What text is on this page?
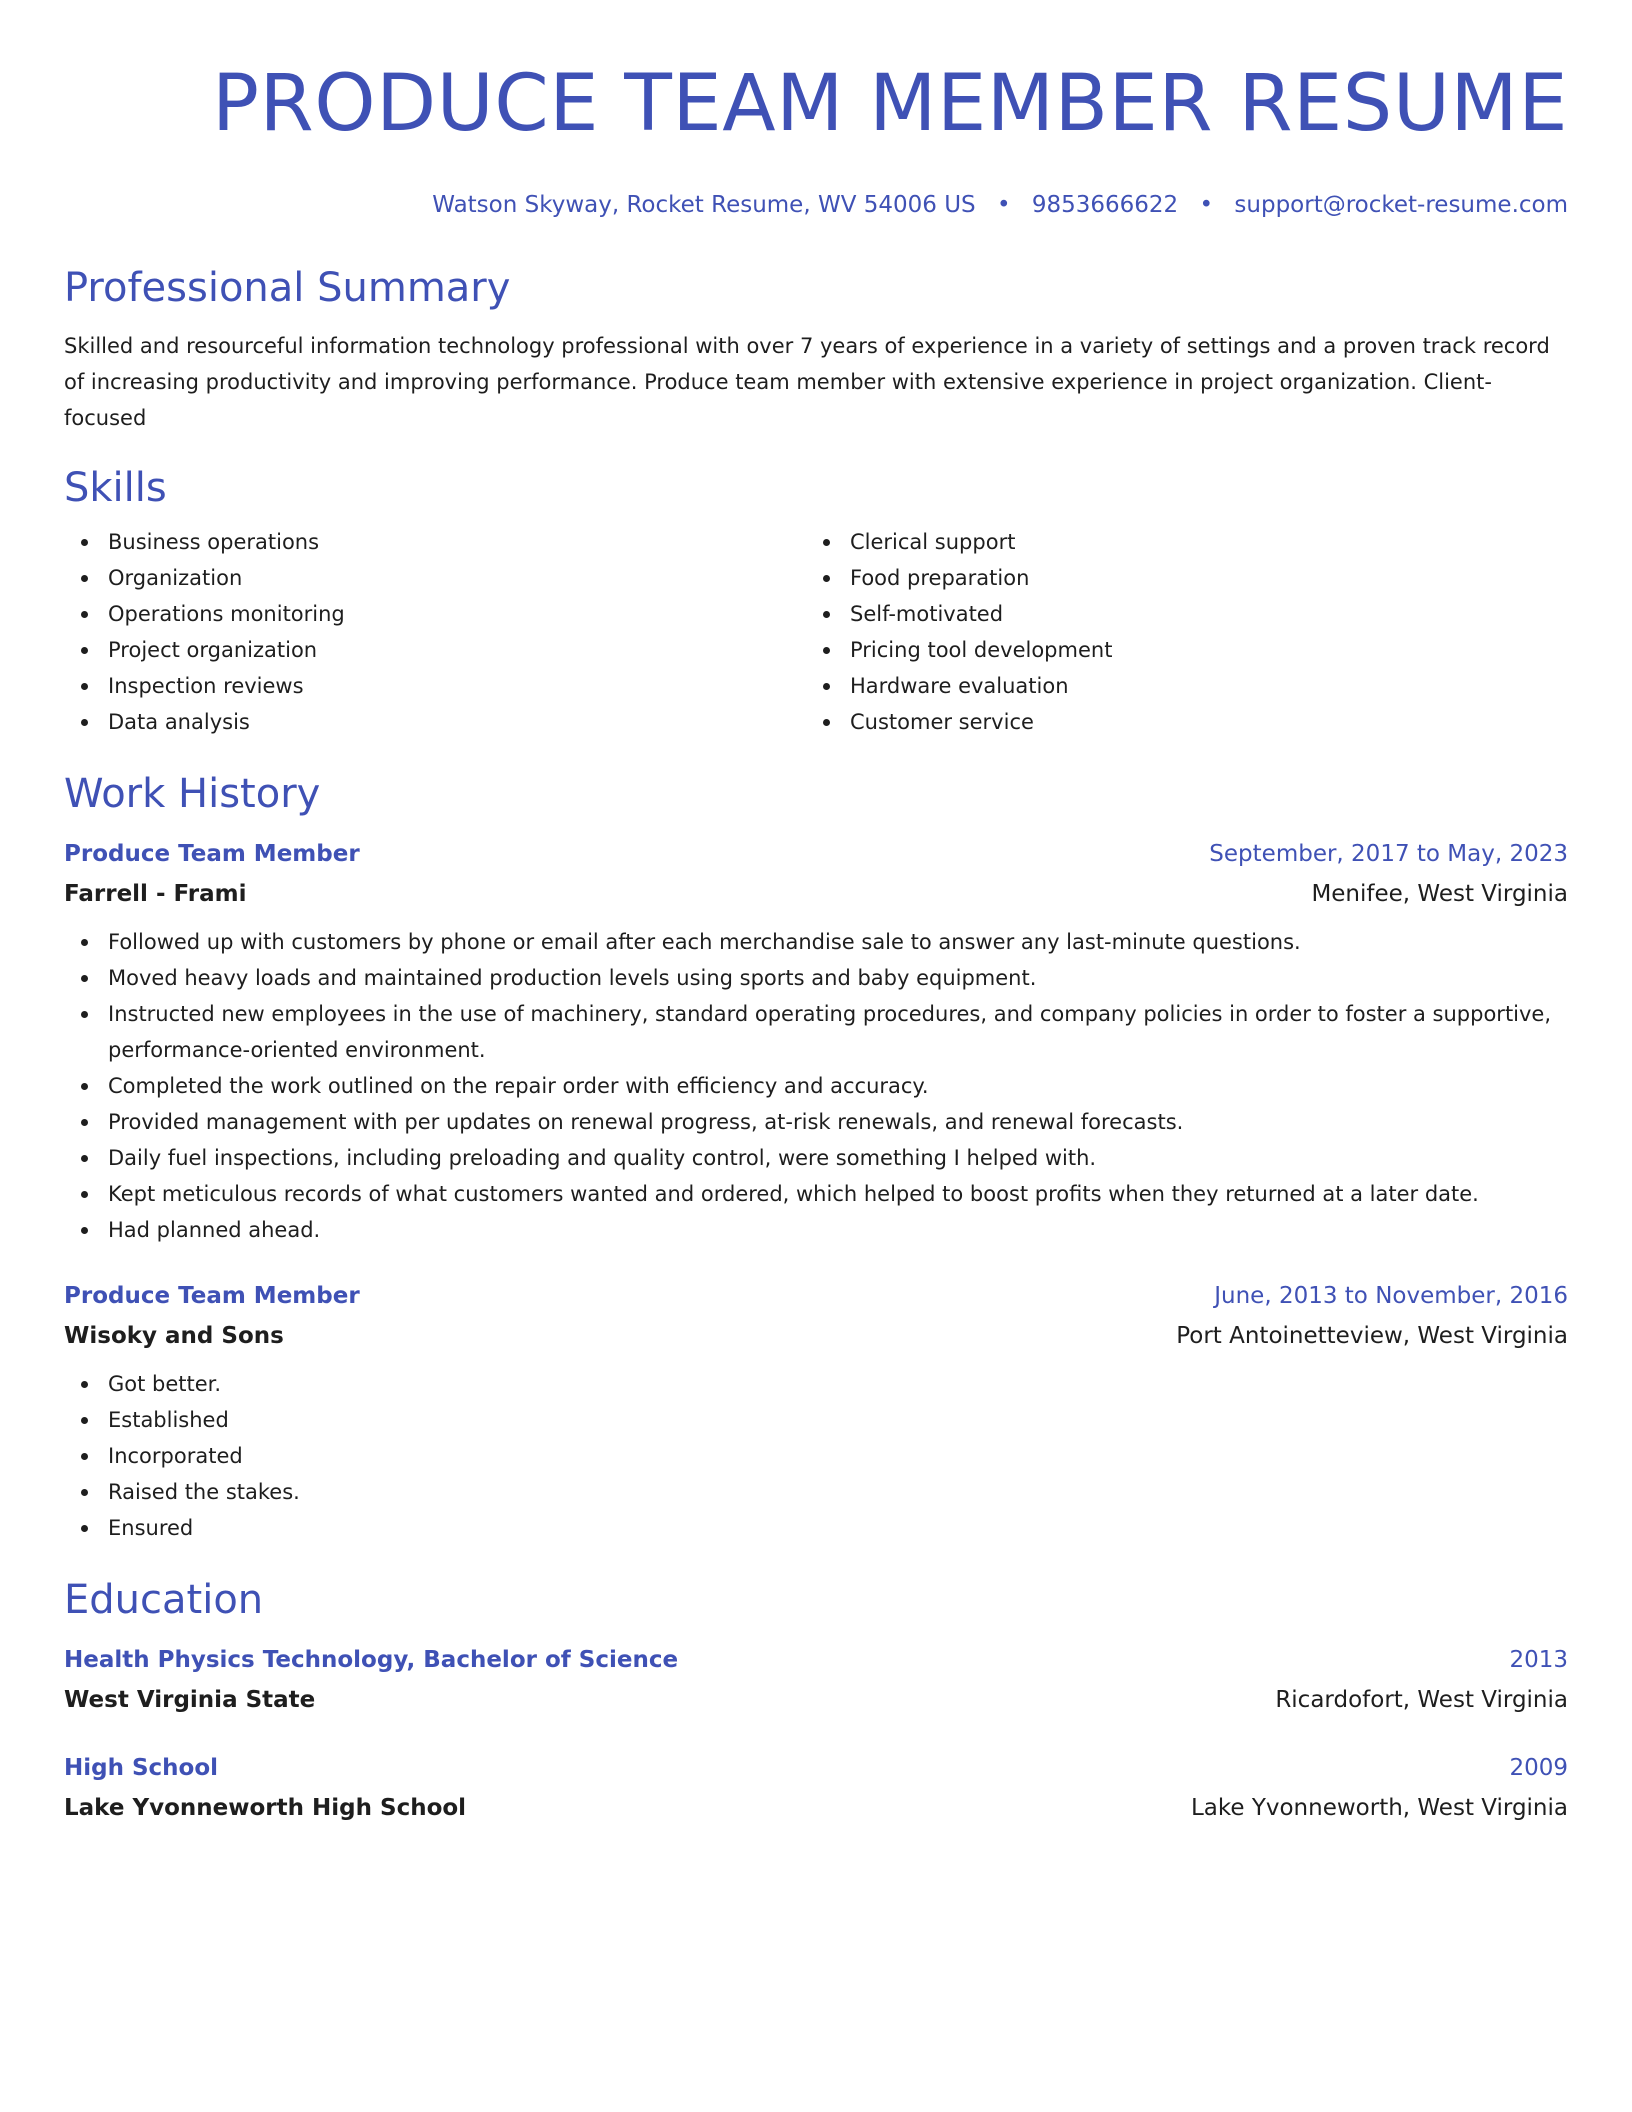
PRODUCE TEAM MEMBER RESUME
Watson Skyway, Rocket Resume, WV 54006 US • 9853666622 • support@rocket-resume.com
Professional Summary

Skilled and resourceful information technology professional with over 7 years of experience in a variety of settings and a proven track record of increasing productivity and improving performance. Produce team member with extensive experience in project organization. Client-focused

Skills
Business operations
Organization
Operations monitoring
Project organization
Inspection reviews
Data analysis
Clerical support
Food preparation
Self-motivated
Pricing tool development
Hardware evaluation
Customer service
Work History
Produce Team Member	September, 2017 to May, 2023
Farrell - Frami	Menifee, West Virginia
Followed up with customers by phone or email after each merchandise sale to answer any last-minute questions.
Moved heavy loads and maintained production levels using sports and baby equipment.
Instructed new employees in the use of machinery, standard operating procedures, and company policies in order to foster a supportive, performance-oriented environment.
Completed the work outlined on the repair order with efficiency and accuracy.
Provided management with per updates on renewal progress, at-risk renewals, and renewal forecasts.
Daily fuel inspections, including preloading and quality control, were something I helped with.
Kept meticulous records of what customers wanted and ordered, which helped to boost profits when they returned at a later date.
Had planned ahead.
Produce Team Member	June, 2013 to November, 2016
Wisoky and Sons	Port Antoinetteview, West Virginia
Got better.
Established
Incorporated
Raised the stakes.
Ensured
Education
Health Physics Technology, Bachelor of Science	2013
West Virginia State	Ricardofort, West Virginia
High School	2009
Lake Yvonneworth High School	Lake Yvonneworth, West Virginia
